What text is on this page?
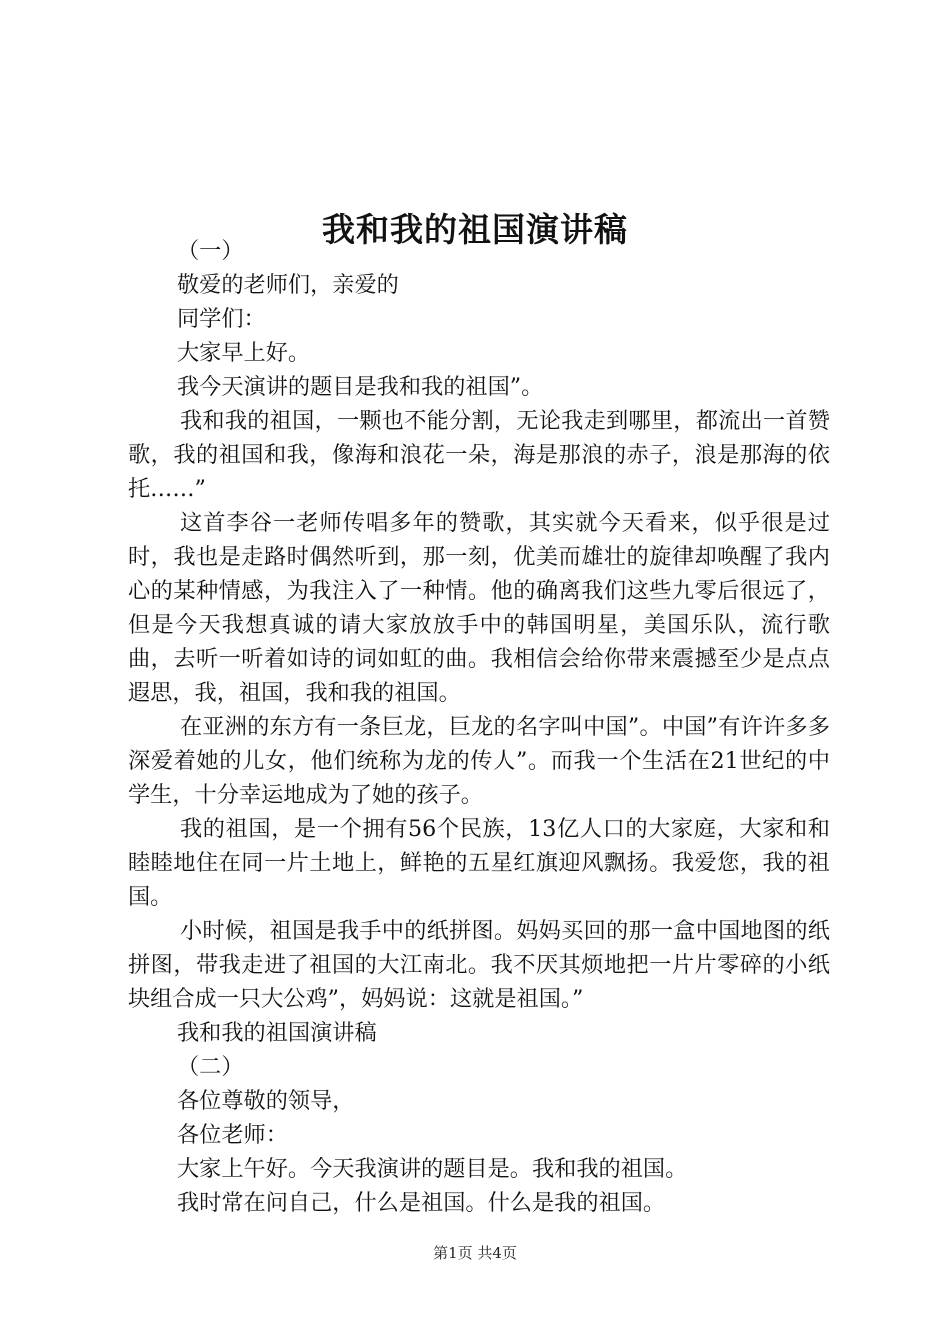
我和我的祖国演讲稿

（一）

敬爱的老师们，亲爱的

同学们：

大家早上好。

我今天演讲的题目是我和我的祖国”。

我和我的祖国，一颗也不能分割，无论我走到哪里，都流出一首赞歌，我的祖国和我，像海和浪花一朵，海是那浪的赤子，浪是那海的依托……”

这首李谷一老师传唱多年的赞歌，其实就今天看来，似乎很是过时，我也是走路时偶然听到，那一刻，优美而雄壮的旋律却唤醒了我内心的某种情感，为我注入了一种情。他的确离我们这些九零后很远了，但是今天我想真诚的请大家放放手中的韩国明星，美国乐队，流行歌曲，去听一听着如诗的词如虹的曲。我相信会给你带来震撼至少是点点遐思，我，祖国，我和我的祖国。

在亚洲的东方有一条巨龙，巨龙的名字叫中国”。中国”有许许多多深爱着她的儿女，他们统称为龙的传人”。而我一个生活在21世纪的中学生，十分幸运地成为了她的孩子。

我的祖国，是一个拥有56个民族，13亿人口的大家庭，大家和和睦睦地住在同一片土地上，鲜艳的五星红旗迎风飘扬。我爱您，我的祖国。

小时候，祖国是我手中的纸拼图。妈妈买回的那一盒中国地图的纸拼图，带我走进了祖国的大江南北。我不厌其烦地把一片片零碎的小纸块组合成一只大公鸡”，妈妈说：这就是祖国。”

我和我的祖国演讲稿

（二）

各位尊敬的领导，

各位老师：

大家上午好。今天我演讲的题目是。我和我的祖国。

我时常在问自己，什么是祖国。什么是我的祖国。

第1页 共4页
